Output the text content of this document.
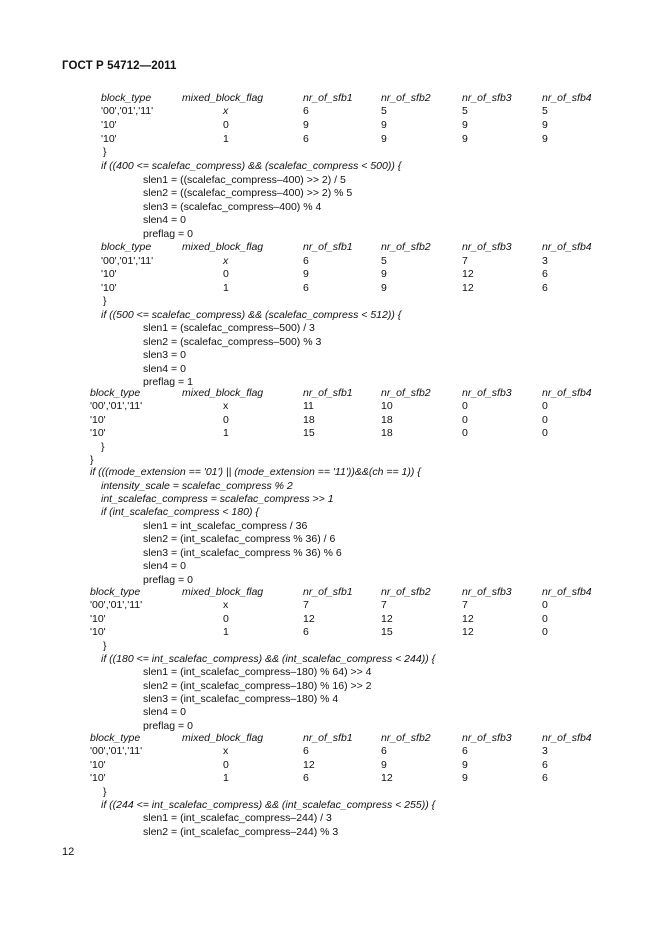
ГОСТ Р 54712—2011
block_type	mixed_block_flag	nr_of_sfb1	nr_of_sfb2	nr_of_sfb3	nr_of_sfb4
'00','01','11'	x	6	5	5	5
'10'	0	9	9	9	9
'10'	1	6	9	9	9
}
if ((400 <= scalefac_compress) && (scalefac_compress < 500)) {
slen1 = ((scalefac_compress–400) >> 2) / 5
slen2 = ((scalefac_compress–400) >> 2) % 5
slen3 = (scalefac_compress–400) % 4
slen4 = 0
preflag = 0
block_type	mixed_block_flag	nr_of_sfb1	nr_of_sfb2	nr_of_sfb3	nr_of_sfb4
'00','01','11'	x	6	5	7	3
'10'	0	9	9	12	6
'10'	1	6	9	12	6
}
if ((500 <= scalefac_compress) && (scalefac_compress < 512)) {
slen1 = (scalefac_compress–500) / 3
slen2 = (scalefac_compress–500) % 3
slen3 = 0
slen4 = 0
preflag = 1
block_type	mixed_block_flag	nr_of_sfb1	nr_of_sfb2	nr_of_sfb3	nr_of_sfb4
'00','01','11'	x	11	10	0	0
'10'	0	18	18	0	0
'10'	1	15	18	0	0
}
}
if (((mode_extension == '01') || (mode_extension == '11'))&&(ch == 1)) {
intensity_scale = scalefac_compress % 2
int_scalefac_compress = scalefac_compress >> 1
if (int_scalefac_compress < 180) {
slen1 = int_scalefac_compress / 36
slen2 = (int_scalefac_compress % 36) / 6
slen3 = (int_scalefac_compress % 36) % 6
slen4 = 0
preflag = 0
block_type	mixed_block_flag	nr_of_sfb1	nr_of_sfb2	nr_of_sfb3	nr_of_sfb4
'00','01','11'	x	7	7	7	0
'10'	0	12	12	12	0
'10'	1	6	15	12	0
}
if ((180 <= int_scalefac_compress) && (int_scalefac_compress < 244)) {
slen1 = (int_scalefac_compress–180) % 64) >> 4
slen2 = (int_scalefac_compress–180) % 16) >> 2
slen3 = (int_scalefac_compress–180) % 4
slen4 = 0
preflag = 0
block_type	mixed_block_flag	nr_of_sfb1	nr_of_sfb2	nr_of_sfb3	nr_of_sfb4
'00','01','11'	x	6	6	6	3
'10'	0	12	9	9	6
'10'	1	6	12	9	6
}
if ((244 <= int_scalefac_compress) && (int_scalefac_compress < 255)) {
slen1 = (int_scalefac_compress–244) / 3
slen2 = (int_scalefac_compress–244) % 3
12
